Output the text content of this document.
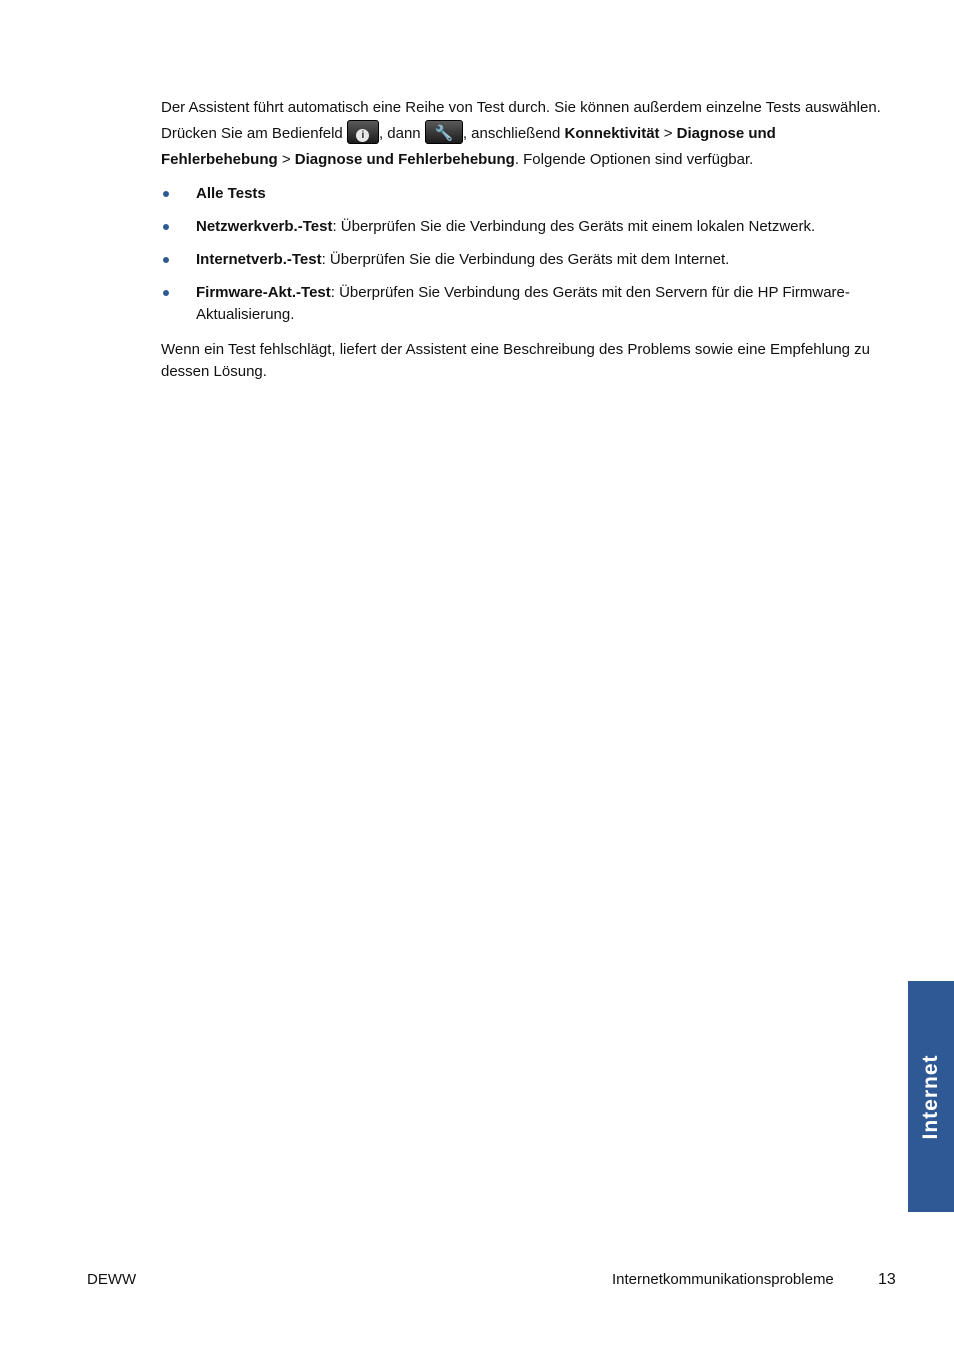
Der Assistent führt automatisch eine Reihe von Test durch. Sie können außerdem einzelne Tests auswählen. Drücken Sie am Bedienfeld i , dann 🔧 , anschließend Konnektivität > Diagnose und Fehlerbehebung > Diagnose und Fehlerbehebung. Folgende Optionen sind verfügbar.

Alle Tests
Netzwerkverb.-Test: Überprüfen Sie die Verbindung des Geräts mit einem lokalen Netzwerk.
Internetverb.-Test: Überprüfen Sie die Verbindung des Geräts mit dem Internet.
Firmware-Akt.-Test: Überprüfen Sie Verbindung des Geräts mit den Servern für die HP Firmware-Aktualisierung.

Wenn ein Test fehlschlägt, liefert der Assistent eine Beschreibung des Problems sowie eine Empfehlung zu dessen Lösung.

Internet
DEWW	Internetkommunikationsprobleme	13
